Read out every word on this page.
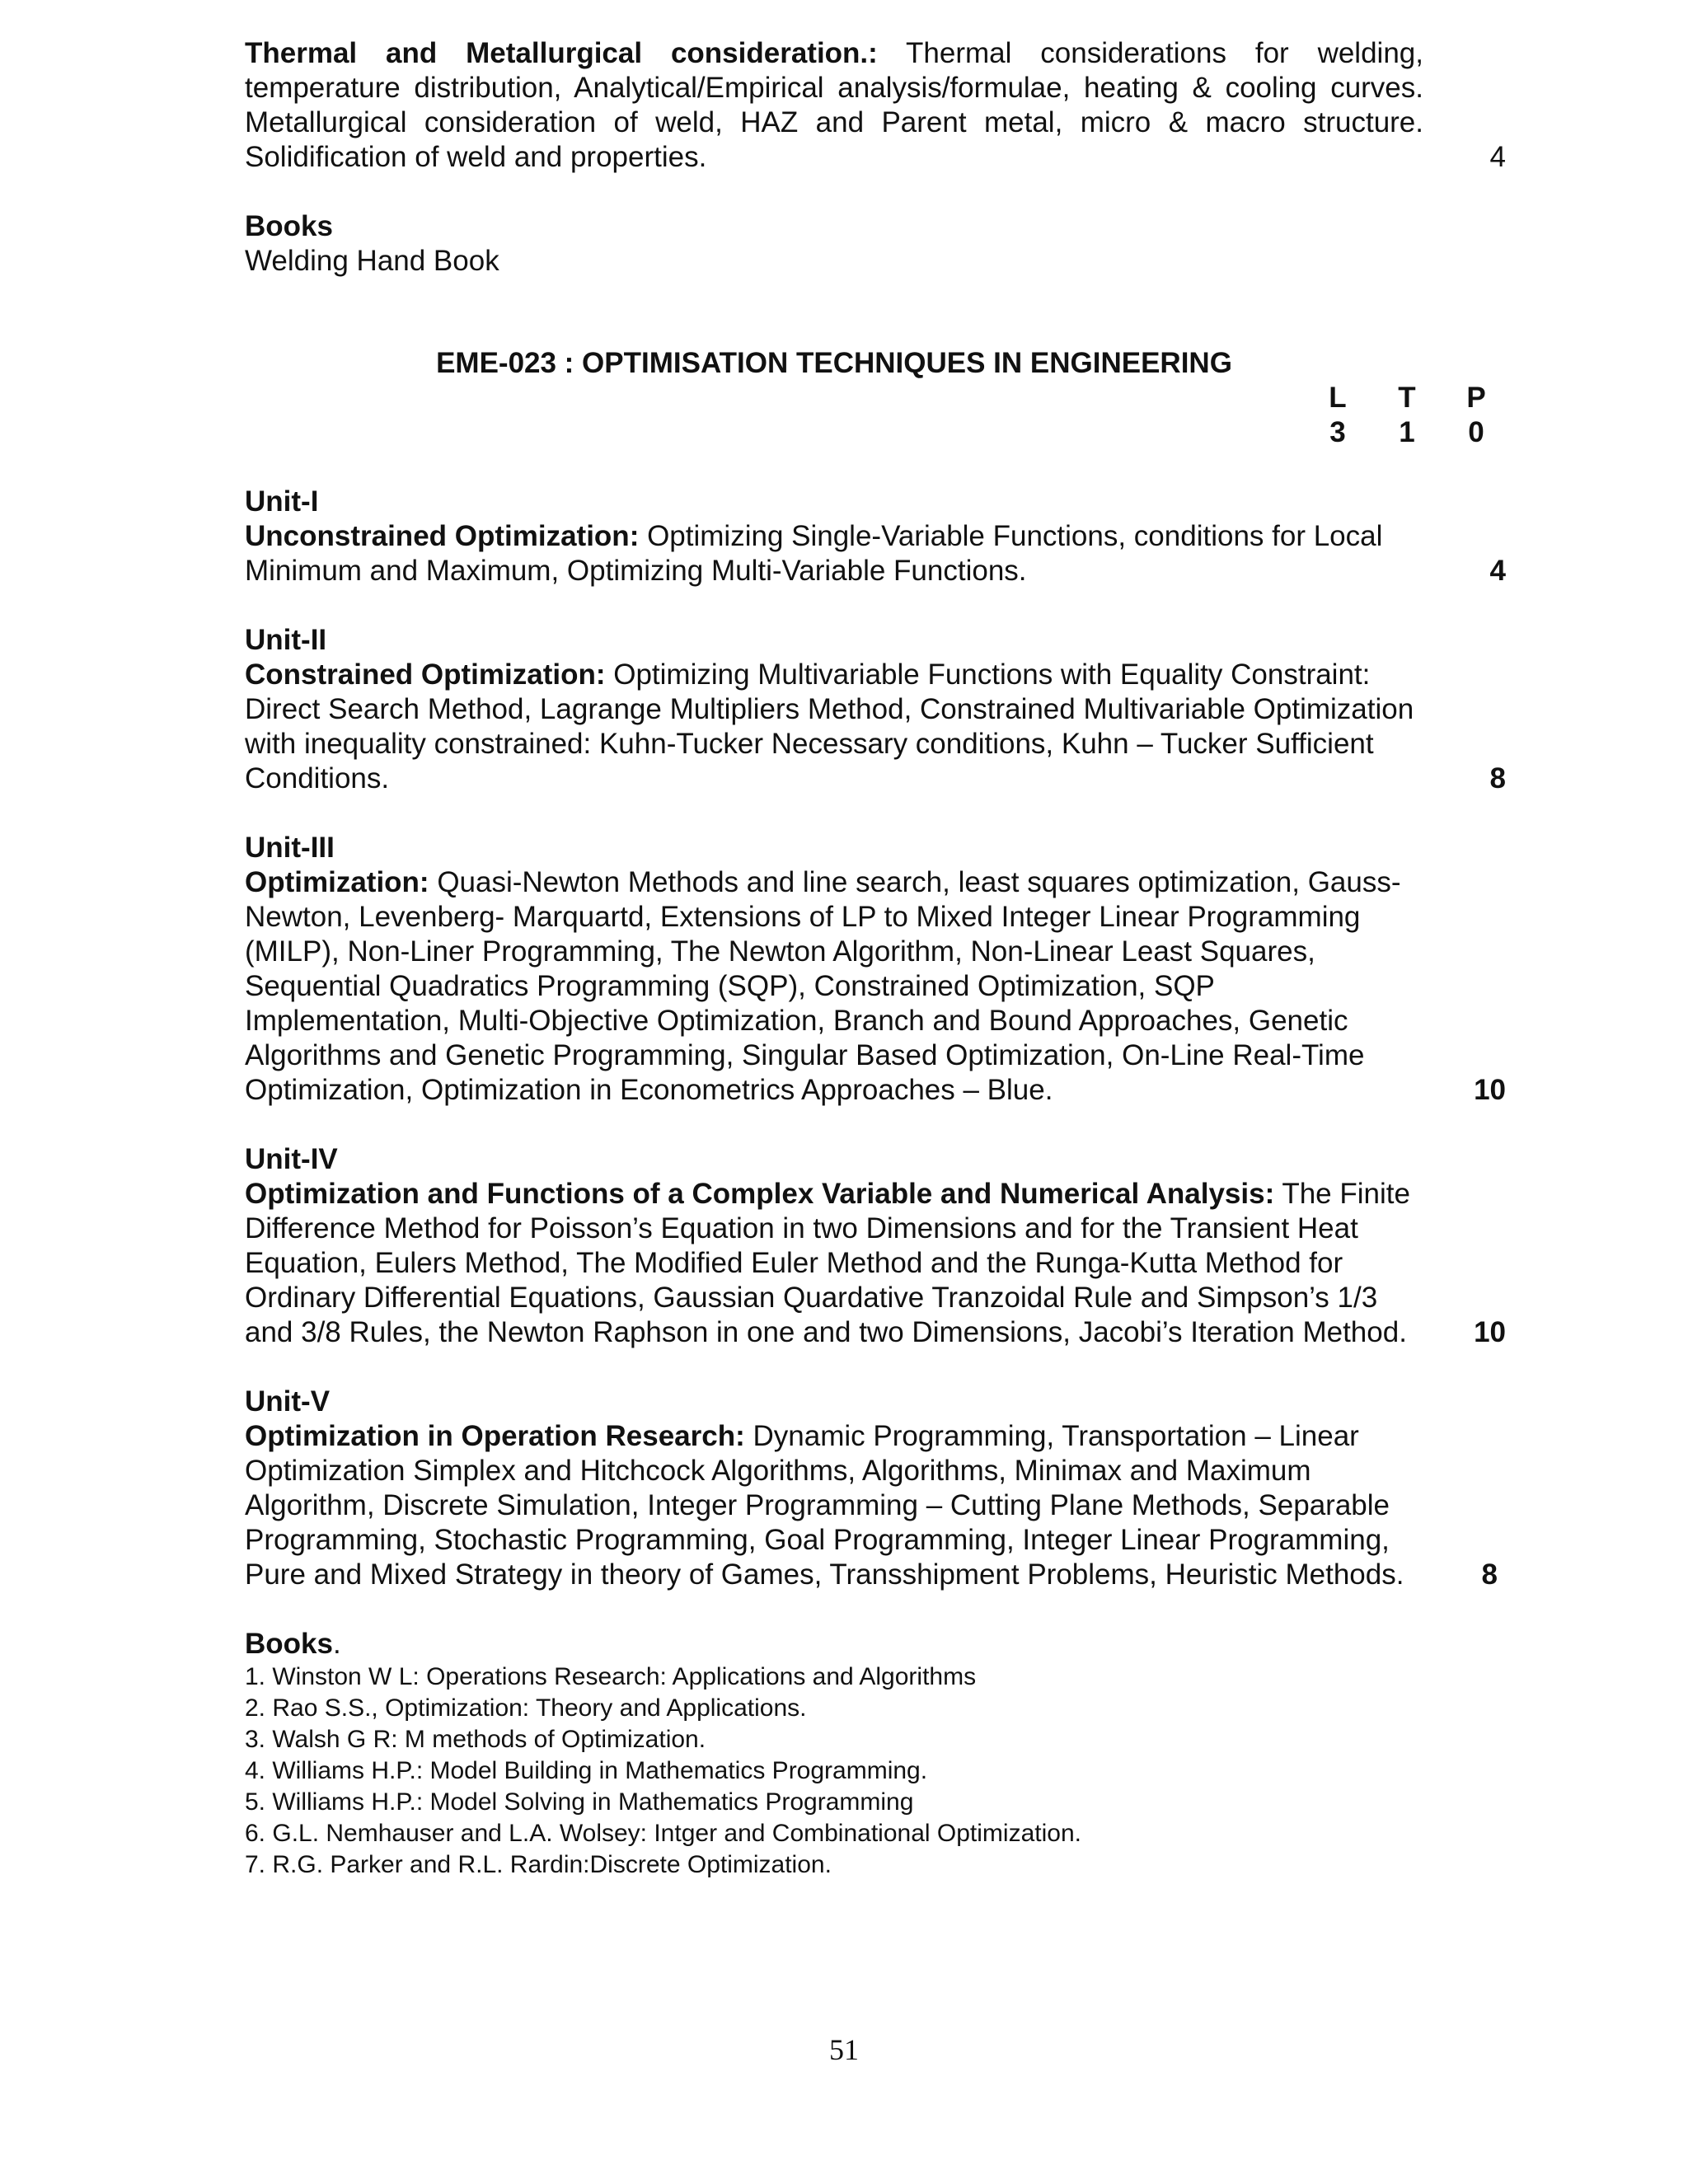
Thermal and Metallurgical consideration.: Thermal considerations for welding, temperature distribution, Analytical/Empirical analysis/formulae, heating & cooling curves. Metallurgical consideration of weld, HAZ and Parent metal, micro & macro structure. Solidification of weld and properties.	4
Books
Welding Hand Book
EME-023 : OPTIMISATION TECHNIQUES IN ENGINEERING
L	T	P
3	1	0
Unit-I
Unconstrained Optimization: Optimizing Single-Variable Functions, conditions for Local Minimum and Maximum, Optimizing Multi-Variable Functions.	4
Unit-II
Constrained Optimization: Optimizing Multivariable Functions with Equality Constraint: Direct Search Method, Lagrange Multipliers Method, Constrained Multivariable Optimization with inequality constrained: Kuhn-Tucker Necessary conditions, Kuhn – Tucker Sufficient Conditions.	8
Unit-III
Optimization: Quasi-Newton Methods and line search, least squares optimization, Gauss-Newton, Levenberg- Marquartd, Extensions of LP to Mixed Integer Linear Programming (MILP), Non-Liner Programming, The Newton Algorithm, Non-Linear Least Squares, Sequential Quadratics Programming (SQP), Constrained Optimization, SQP Implementation, Multi-Objective Optimization, Branch and Bound Approaches, Genetic Algorithms and Genetic Programming, Singular Based Optimization, On-Line Real-Time Optimization, Optimization in Econometrics Approaches – Blue.	10
Unit-IV
Optimization and Functions of a Complex Variable and Numerical Analysis: The Finite Difference Method for Poisson’s Equation in two Dimensions and for the Transient Heat Equation, Eulers Method, The Modified Euler Method and the Runga-Kutta Method for Ordinary Differential Equations, Gaussian Quardative Tranzoidal Rule and Simpson’s 1/3 and 3/8 Rules, the Newton Raphson in one and two Dimensions, Jacobi’s Iteration Method.	10
Unit-V
Optimization in Operation Research: Dynamic Programming, Transportation – Linear Optimization Simplex and Hitchcock Algorithms, Algorithms, Minimax and Maximum Algorithm, Discrete Simulation, Integer Programming – Cutting Plane Methods, Separable Programming, Stochastic Programming, Goal Programming, Integer Linear Programming, Pure and Mixed Strategy in theory of Games, Transshipment Problems, Heuristic Methods.	8
Books.
1. Winston W L: Operations Research: Applications and Algorithms
2. Rao S.S., Optimization: Theory and Applications.
3. Walsh G R: M methods of Optimization.
4. Williams H.P.: Model Building in Mathematics Programming.
5. Williams H.P.: Model Solving in Mathematics Programming
6. G.L. Nemhauser and L.A. Wolsey: Intger and Combinational Optimization.
7. R.G. Parker and R.L. Rardin:Discrete Optimization.
51
